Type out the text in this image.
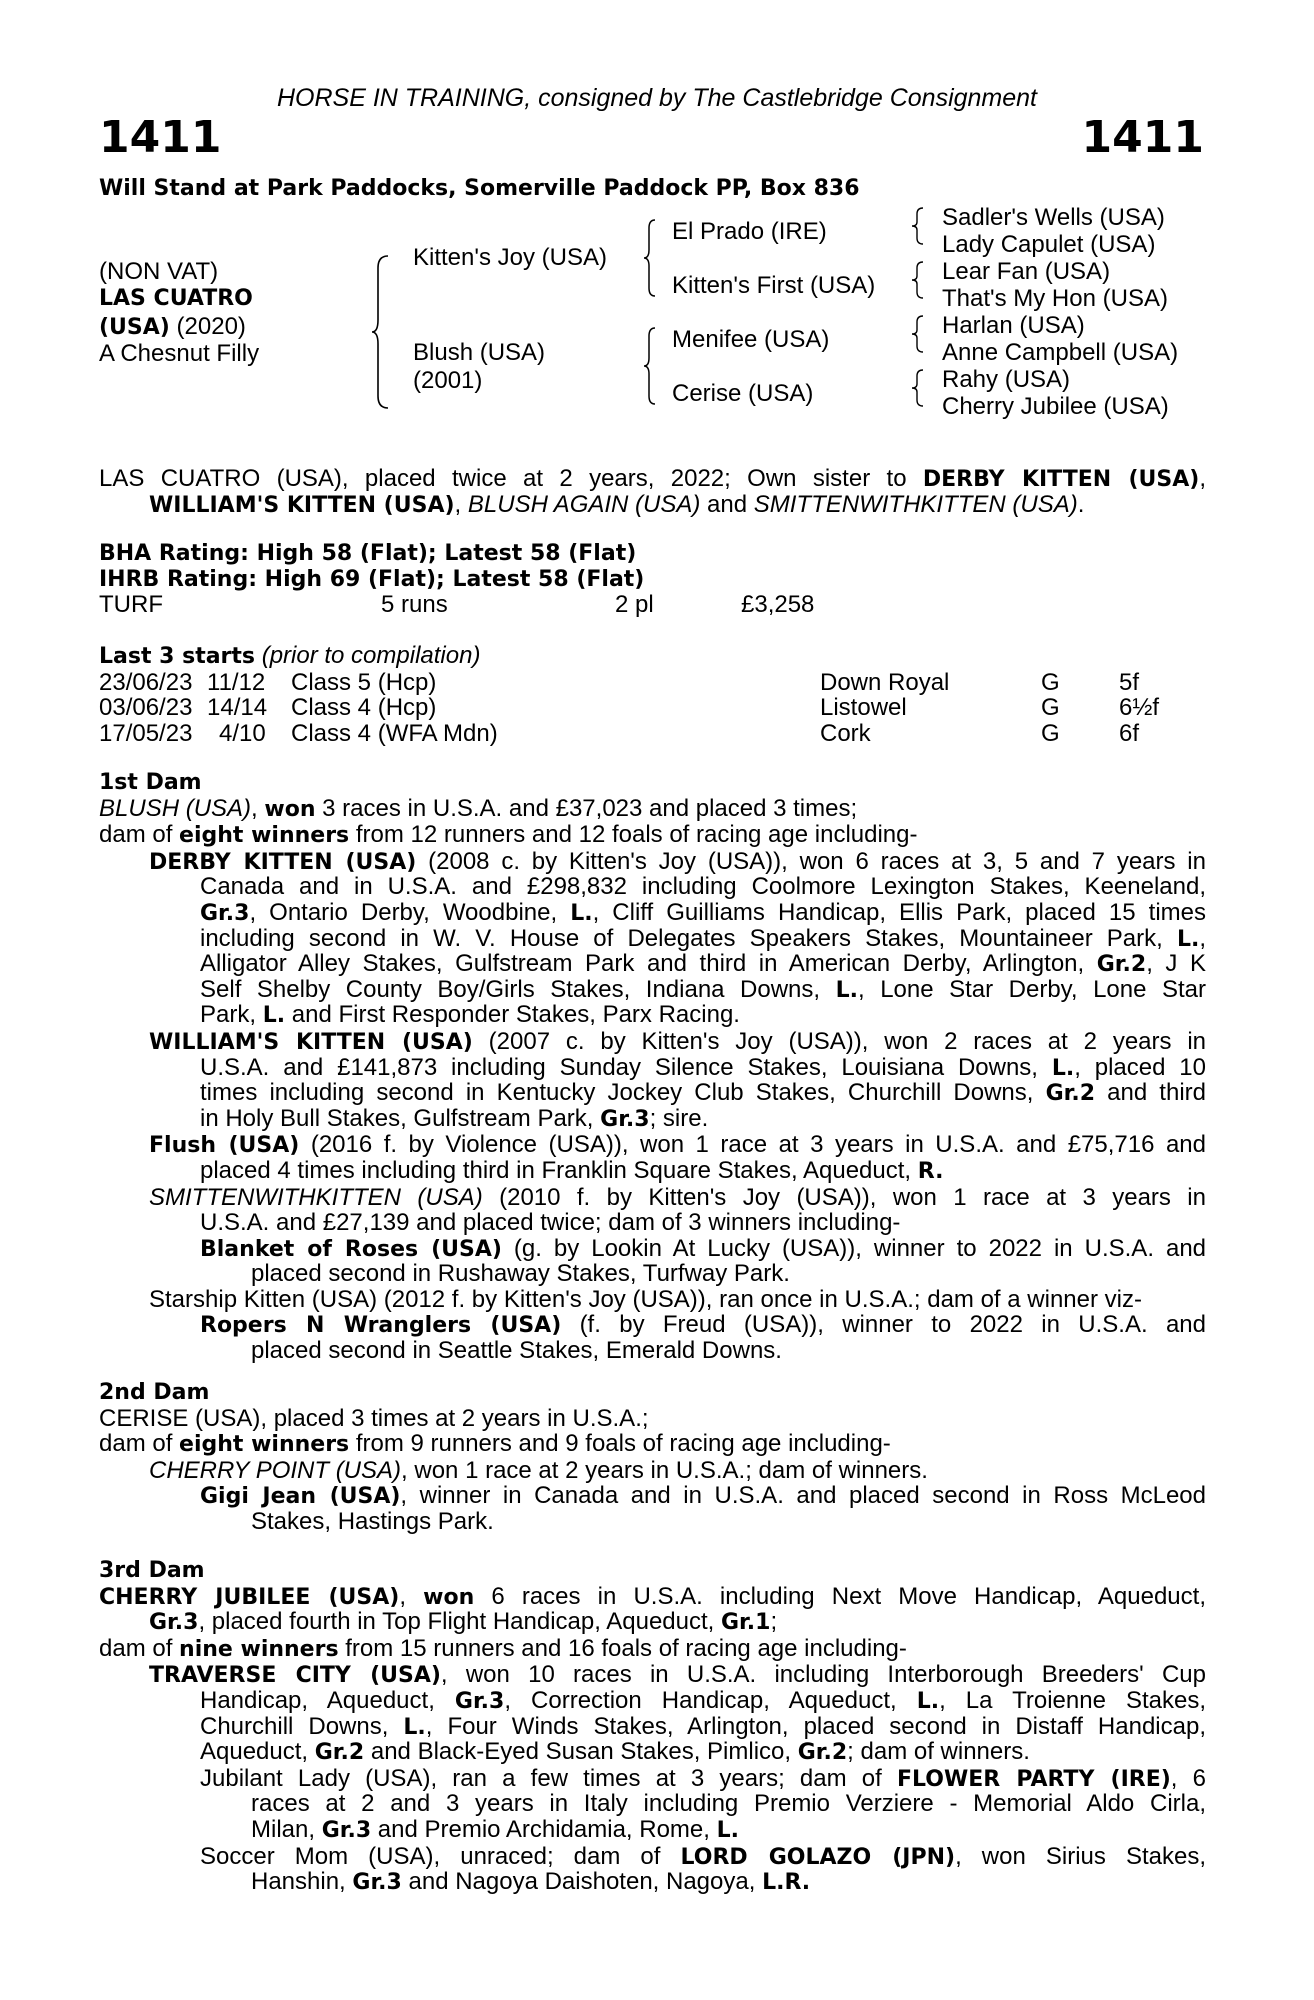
HORSE IN TRAINING, consigned by The Castlebridge Consignment
1411	1411
Will Stand at Park Paddocks, Somerville Paddock PP, Box 836
(NON VAT)
LAS CUATRO
(USA) (2020)
A Chesnut Filly
Kitten's Joy (USA)
Blush (USA)
(2001)
El Prado (IRE)
Kitten's First (USA)
Menifee (USA)
Cerise (USA)
Sadler's Wells (USA)
Lady Capulet (USA)
Lear Fan (USA)
That's My Hon (USA)
Harlan (USA)
Anne Campbell (USA)
Rahy (USA)
Cherry Jubilee (USA)

LAS CUATRO (USA), placed twice at 2 years, 2022; Own sister to DERBY KITTEN (USA),

WILLIAM'S KITTEN (USA), BLUSH AGAIN (USA) and SMITTENWITHKITTEN (USA).

BHA Rating: High 58 (Flat); Latest 58 (Flat)

IHRB Rating: High 69 (Flat); Latest 58 (Flat)

TURF	5 runs	2 pl	£3,258

Last 3 starts (prior to compilation)

23/06/23 11/12 Class 5 (Hcp)	Down Royal	G 5f
03/06/23 14/14 Class 4 (Hcp)	Listowel	G 6½f
17/05/23 4/10 Class 4 (WFA Mdn)	Cork	G 6f

1st Dam

BLUSH (USA), won 3 races in U.S.A. and £37,023 and placed 3 times;

dam of eight winners from 12 runners and 12 foals of racing age including-

DERBY KITTEN (USA) (2008 c. by Kitten's Joy (USA)), won 6 races at 3, 5 and 7 years in

Canada and in U.S.A. and £298,832 including Coolmore Lexington Stakes, Keeneland,

Gr.3, Ontario Derby, Woodbine, L., Cliff Guilliams Handicap, Ellis Park, placed 15 times

including second in W. V. House of Delegates Speakers Stakes, Mountaineer Park, L.,

Alligator Alley Stakes, Gulfstream Park and third in American Derby, Arlington, Gr.2, J K

Self Shelby County Boy/Girls Stakes, Indiana Downs, L., Lone Star Derby, Lone Star

Park, L. and First Responder Stakes, Parx Racing.

WILLIAM'S KITTEN (USA) (2007 c. by Kitten's Joy (USA)), won 2 races at 2 years in

U.S.A. and £141,873 including Sunday Silence Stakes, Louisiana Downs, L., placed 10

times including second in Kentucky Jockey Club Stakes, Churchill Downs, Gr.2 and third

in Holy Bull Stakes, Gulfstream Park, Gr.3; sire.

Flush (USA) (2016 f. by Violence (USA)), won 1 race at 3 years in U.S.A. and £75,716 and

placed 4 times including third in Franklin Square Stakes, Aqueduct, R.

SMITTENWITHKITTEN (USA) (2010 f. by Kitten's Joy (USA)), won 1 race at 3 years in

U.S.A. and £27,139 and placed twice; dam of 3 winners including-

Blanket of Roses (USA) (g. by Lookin At Lucky (USA)), winner to 2022 in U.S.A. and

placed second in Rushaway Stakes, Turfway Park.

Starship Kitten (USA) (2012 f. by Kitten's Joy (USA)), ran once in U.S.A.; dam of a winner viz-

Ropers N Wranglers (USA) (f. by Freud (USA)), winner to 2022 in U.S.A. and

placed second in Seattle Stakes, Emerald Downs.

2nd Dam

CERISE (USA), placed 3 times at 2 years in U.S.A.;

dam of eight winners from 9 runners and 9 foals of racing age including-

CHERRY POINT (USA), won 1 race at 2 years in U.S.A.; dam of winners.

Gigi Jean (USA), winner in Canada and in U.S.A. and placed second in Ross McLeod

Stakes, Hastings Park.

3rd Dam

CHERRY JUBILEE (USA), won 6 races in U.S.A. including Next Move Handicap, Aqueduct,

Gr.3, placed fourth in Top Flight Handicap, Aqueduct, Gr.1;

dam of nine winners from 15 runners and 16 foals of racing age including-

TRAVERSE CITY (USA), won 10 races in U.S.A. including Interborough Breeders' Cup

Handicap, Aqueduct, Gr.3, Correction Handicap, Aqueduct, L., La Troienne Stakes,

Churchill Downs, L., Four Winds Stakes, Arlington, placed second in Distaff Handicap,

Aqueduct, Gr.2 and Black-Eyed Susan Stakes, Pimlico, Gr.2; dam of winners.

Jubilant Lady (USA), ran a few times at 3 years; dam of FLOWER PARTY (IRE), 6

races at 2 and 3 years in Italy including Premio Verziere - Memorial Aldo Cirla,

Milan, Gr.3 and Premio Archidamia, Rome, L.

Soccer Mom (USA), unraced; dam of LORD GOLAZO (JPN), won Sirius Stakes,

Hanshin, Gr.3 and Nagoya Daishoten, Nagoya, L.R.
